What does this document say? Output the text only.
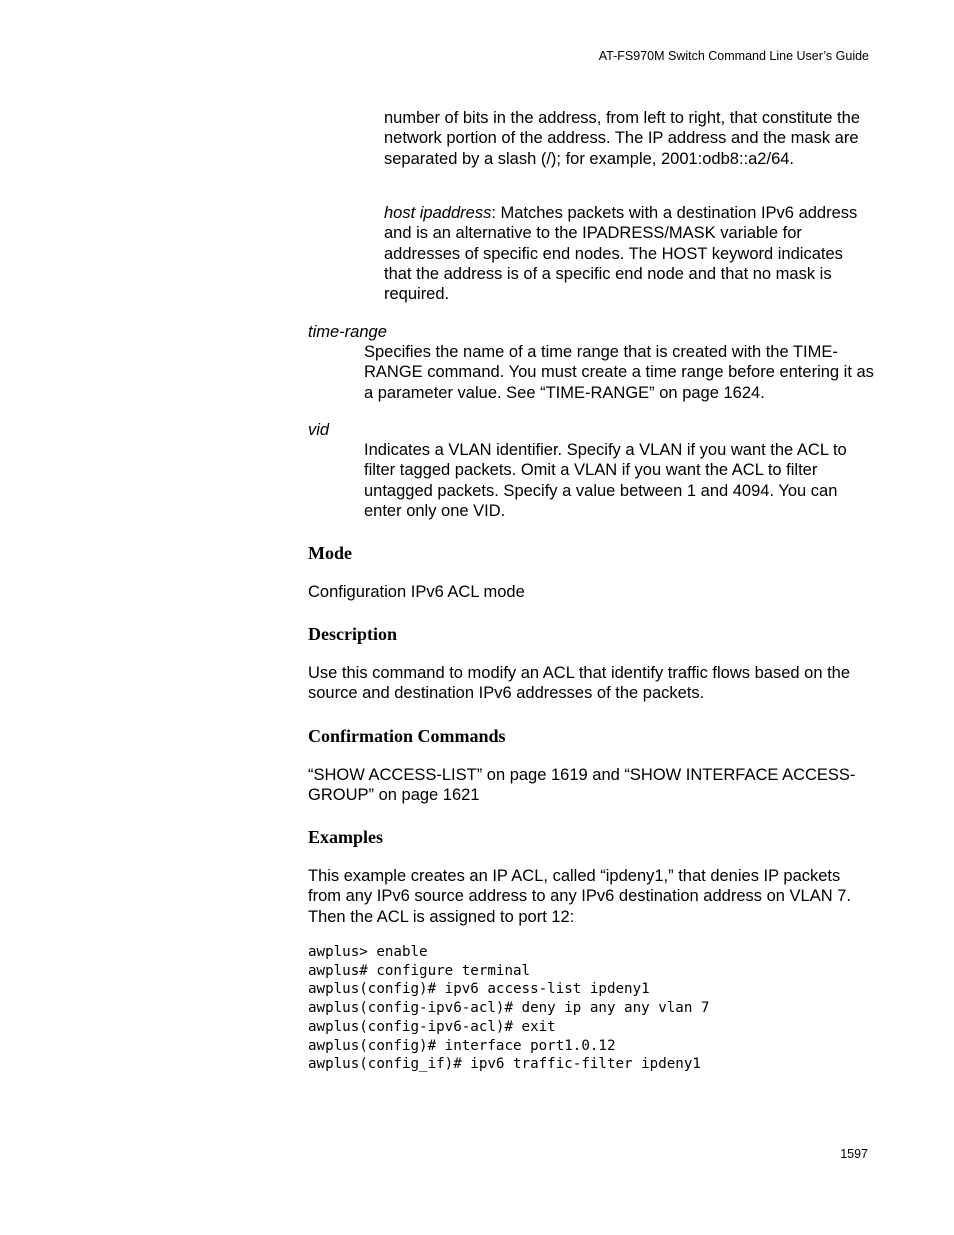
AT-FS970M Switch Command Line User’s Guide

number of bits in the address, from left to right, that constitute the network portion of the address. The IP address and the mask are separated by a slash (/); for example, 2001:odb8::a2/64.

host ipaddress: Matches packets with a destination IPv6 address and is an alternative to the IPADRESS/MASK variable for addresses of specific end nodes. The HOST keyword indicates that the address is of a specific end node and that no mask is required.

time-range

Specifies the name of a time range that is created with the TIME-RANGE command. You must create a time range before entering it as a parameter value. See “TIME-RANGE” on page 1624.

vid

Indicates a VLAN identifier. Specify a VLAN if you want the ACL to filter tagged packets. Omit a VLAN if you want the ACL to filter untagged packets. Specify a value between 1 and 4094. You can enter only one VID.

Mode

Configuration IPv6 ACL mode

Description

Use this command to modify an ACL that identify traffic flows based on the source and destination IPv6 addresses of the packets.

Confirmation Commands

“SHOW ACCESS-LIST” on page 1619 and “SHOW INTERFACE ACCESS-GROUP” on page 1621

Examples

This example creates an IP ACL, called “ipdeny1,” that denies IP packets from any IPv6 source address to any IPv6 destination address on VLAN 7. Then the ACL is assigned to port 12:

awplus> enable
awplus# configure terminal
awplus(config)# ipv6 access-list ipdeny1
awplus(config-ipv6-acl)# deny ip any any vlan 7
awplus(config-ipv6-acl)# exit
awplus(config)# interface port1.0.12
awplus(config_if)# ipv6 traffic-filter ipdeny1
1597
